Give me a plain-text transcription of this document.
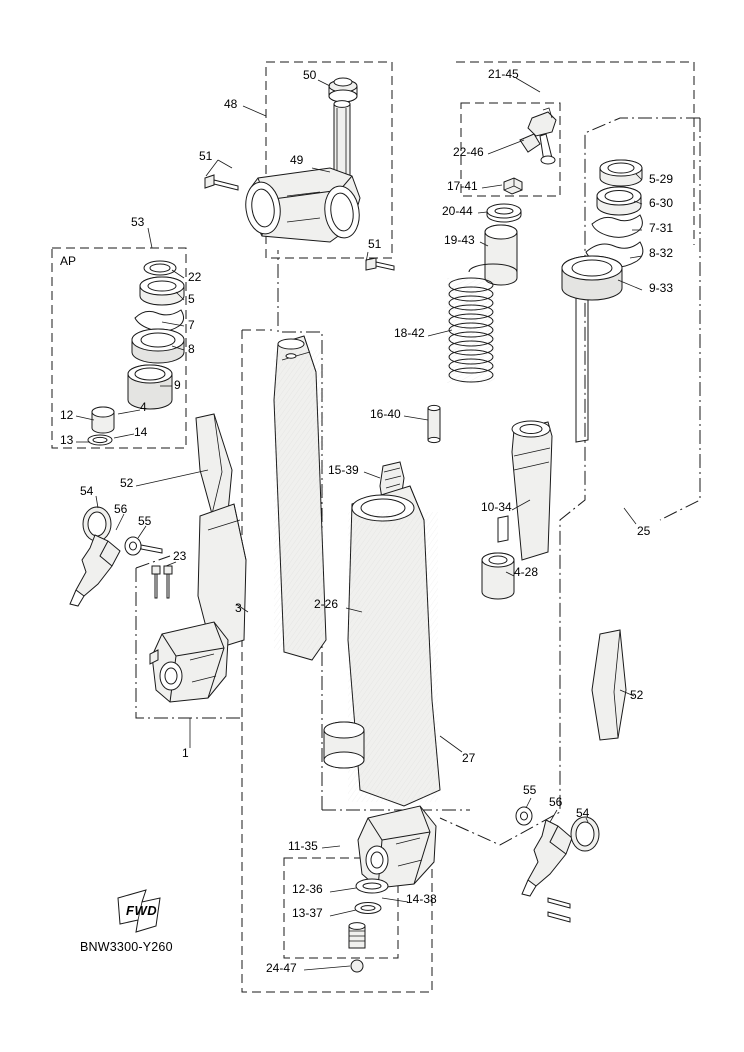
BNW3300-Y260
FWD
50
48
21-45
22-46
49
51
17-41	5-29
20-44
6-30
19-43
7-31
53
51
8-32
9-33
AP
22
5
7
8
18-42
9
4
12
14
13
16-40
52
15-39
10-34
25
54
56
55
23
4-28
3	2-26
52
1	27
55
56
54
11-35
12-36
14-38
13-37
24-47
